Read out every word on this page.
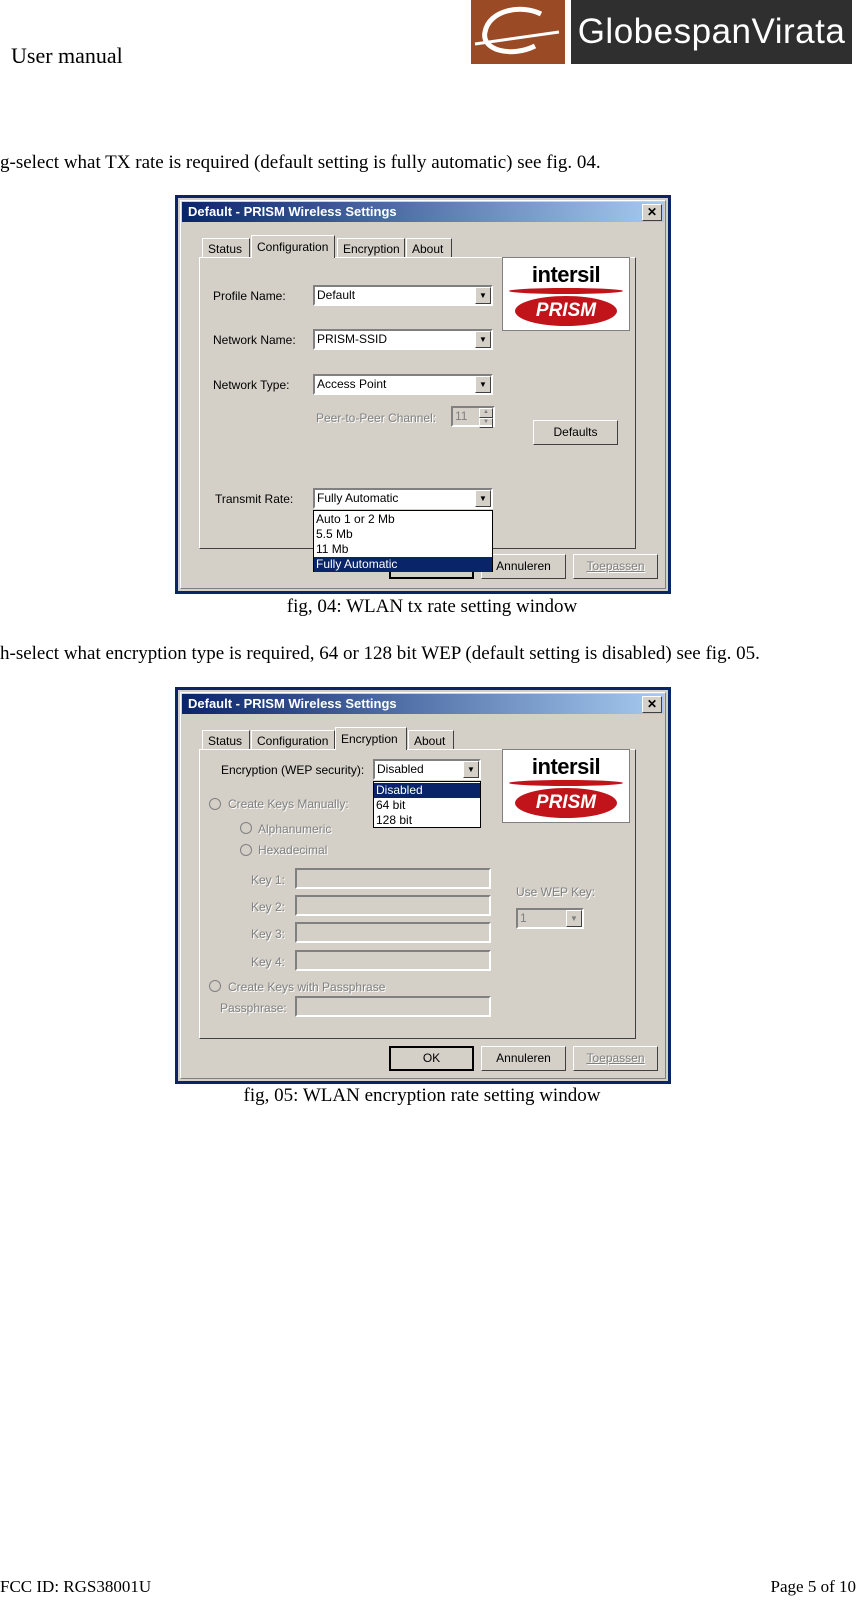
User manual
GlobespanVirata
g-select what TX rate is required (default setting is fully automatic) see fig. 04.
Default - PRISM Wireless Settings	✕
Status	Configuration	Encryption	About
Profile Name:	Default	▼
Network Name:	PRISM-SSID	▼
Network Type:	Access Point	▼
Peer-to-Peer Channel:	11	▲
▼
Defaults
intersil
PRISM
Transmit Rate:	Fully Automatic	▼
Auto 1 or 2 Mb
5.5 Mb
11 Mb
Fully Automatic	Annuleren	Toepassen
fig, 04: WLAN tx rate setting window
h-select what encryption type is required, 64 or 128 bit WEP (default setting is disabled) see fig. 05.
Default - PRISM Wireless Settings	✕
Status	Configuration	Encryption	About
Encryption (WEP security):	Disabled	▼
Disabled
64 bit
128 bit
intersil
PRISM
Create Keys Manually:
Alphanumeric
Hexadecimal
Key 1:
Key 2:
Key 3:
Key 4:
Use WEP Key:
1	▼
Create Keys with Passphrase
Passphrase:
OK	Annuleren	Toepassen
fig, 05: WLAN encryption rate setting window
FCC ID: RGS38001U	Page 5 of 10
